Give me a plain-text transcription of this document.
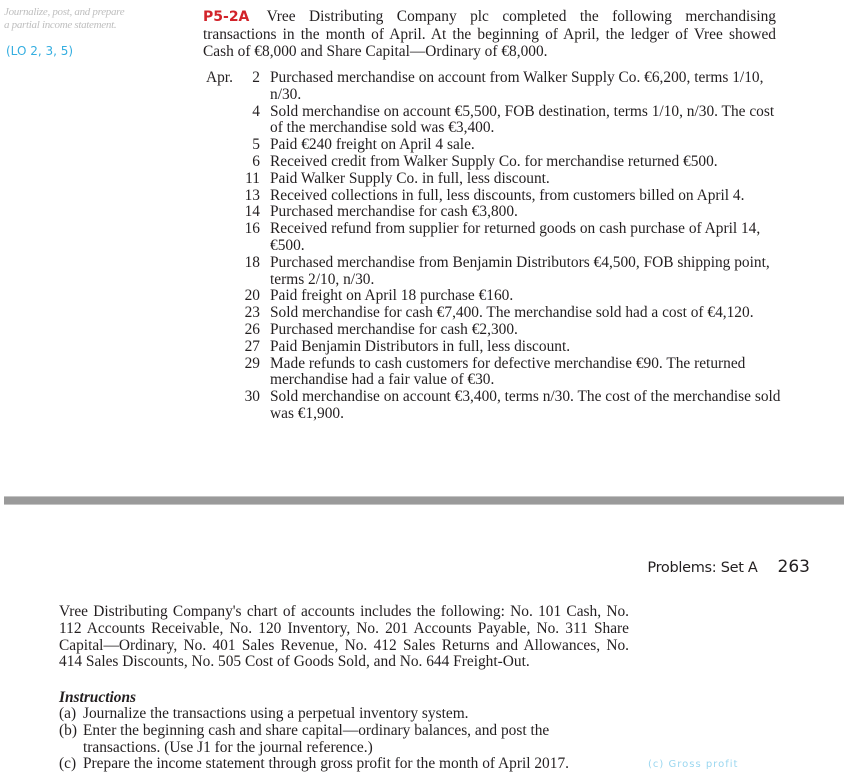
Journalize, post, and prepare
a partial income statement.
(LO 2, 3, 5)
P5-2A Vree Distributing Company plc completed the following merchandising transactions in the month of April. At the beginning of April, the ledger of Vree showed Cash of €8,000 and Share Capital—Ordinary of €8,000.
Apr.	2 Purchased merchandise on account from Walker Supply Co. €6,200, terms 1/10, n/30.
4 Sold merchandise on account €5,500, FOB destination, terms 1/10, n/30. The cost of the merchandise sold was €3,400.
5 Paid €240 freight on April 4 sale.
6 Received credit from Walker Supply Co. for merchandise returned €500.
11 Paid Walker Supply Co. in full, less discount.
13 Received collections in full, less discounts, from customers billed on April 4.
14 Purchased merchandise for cash €3,800.
16 Received refund from supplier for returned goods on cash purchase of April 14, €500.
18 Purchased merchandise from Benjamin Distributors €4,500, FOB shipping point, terms 2/10, n/30.
20 Paid freight on April 18 purchase €160.
23 Sold merchandise for cash €7,400. The merchandise sold had a cost of €4,120.
26 Purchased merchandise for cash €2,300.
27 Paid Benjamin Distributors in full, less discount.
29 Made refunds to cash customers for defective merchandise €90. The returned merchandise had a fair value of €30.
30 Sold merchandise on account €3,400, terms n/30. The cost of the merchandise sold was €1,900.
Problems: Set A 263
Vree Distributing Company's chart of accounts includes the following: No. 101 Cash, No. 112 Accounts Receivable, No. 120 Inventory, No. 201 Accounts Payable, No. 311 Share Capital—Ordinary, No. 401 Sales Revenue, No. 412 Sales Returns and Allowances, No. 414 Sales Discounts, No. 505 Cost of Goods Sold, and No. 644 Freight-Out.
Instructions
(a) Journalize the transactions using a perpetual inventory system.
(b) Enter the beginning cash and share capital—ordinary balances, and post the transactions. (Use J1 for the journal reference.)
(c) Prepare the income statement through gross profit for the month of April 2017.	(c) Gross profit
